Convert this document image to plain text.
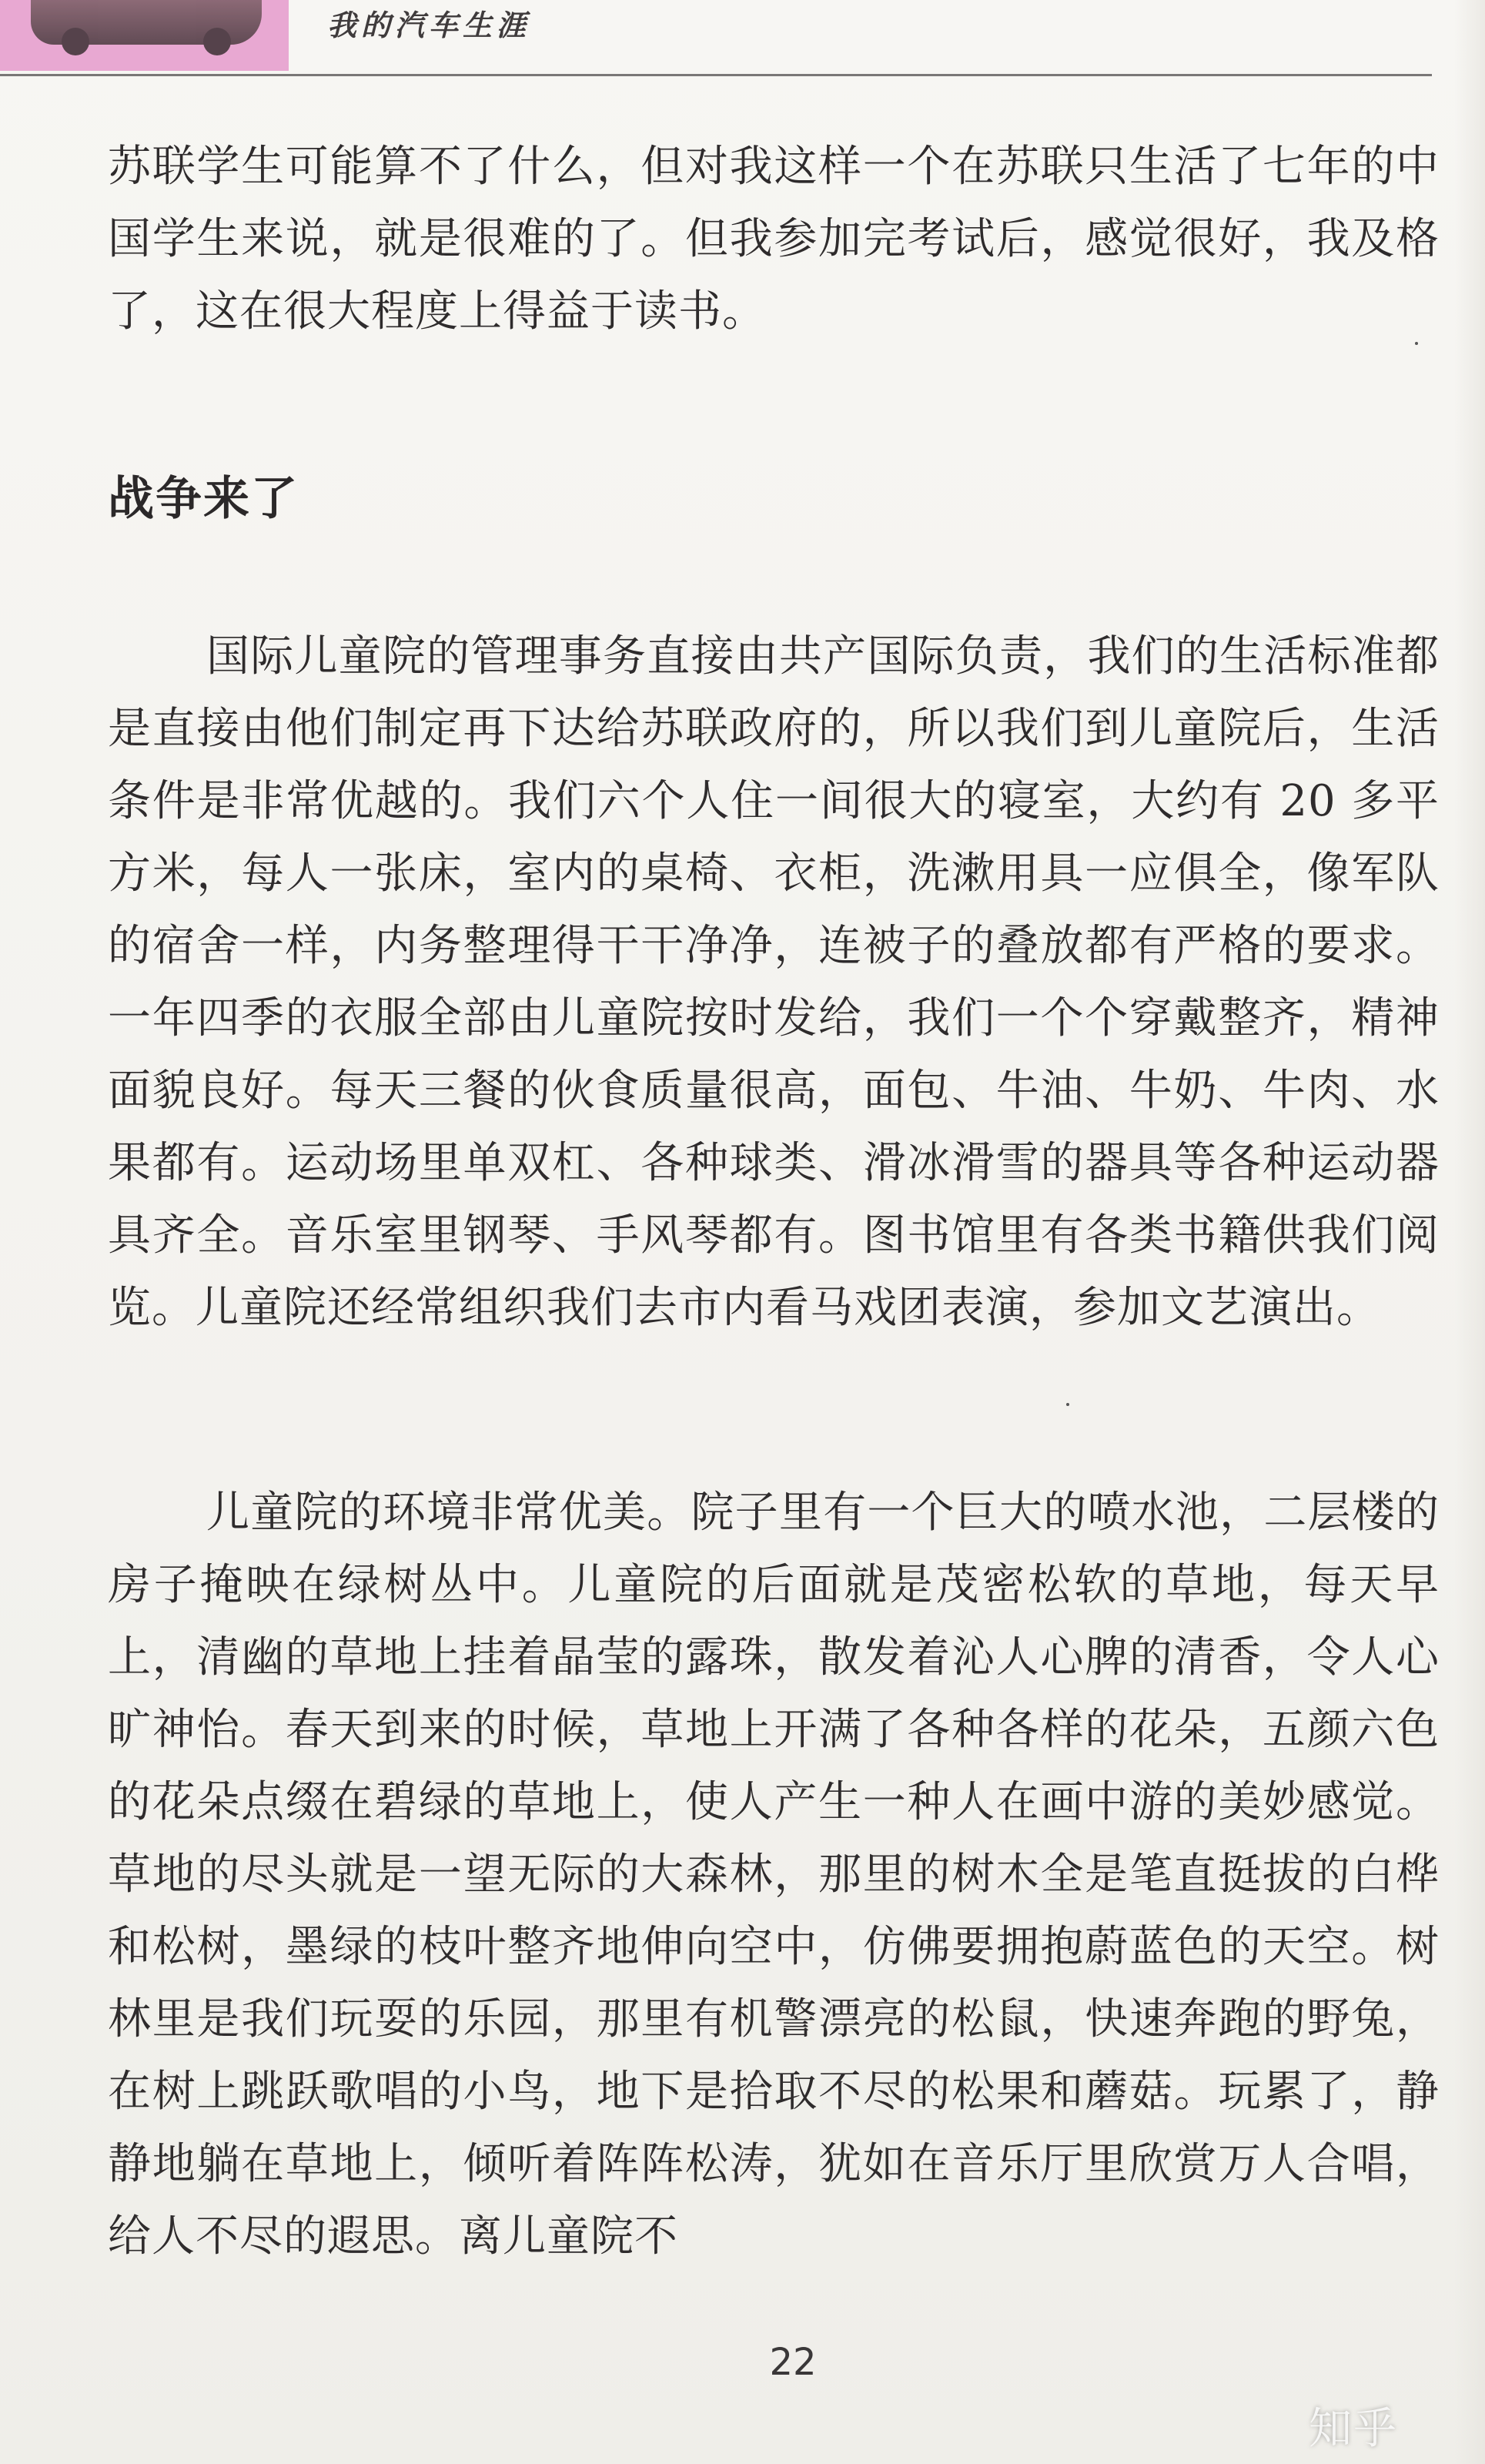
我的汽车生涯
苏联学生可能算不了什么，但对我这样一个在苏联只生活了七年的中国学生来说，就是很难的了。但我参加完考试后，感觉很好，我及格了，这在很大程度上得益于读书。
战争来了
国际儿童院的管理事务直接由共产国际负责，我们的生活标准都是直接由他们制定再下达给苏联政府的，所以我们到儿童院后，生活条件是非常优越的。我们六个人住一间很大的寝室，大约有 20 多平方米，每人一张床，室内的桌椅、衣柜，洗漱用具一应俱全，像军队的宿舍一样，内务整理得干干净净，连被子的叠放都有严格的要求。一年四季的衣服全部由儿童院按时发给，我们一个个穿戴整齐，精神面貌良好。每天三餐的伙食质量很高，面包、牛油、牛奶、牛肉、水果都有。运动场里单双杠、各种球类、滑冰滑雪的器具等各种运动器具齐全。音乐室里钢琴、手风琴都有。图书馆里有各类书籍供我们阅览。儿童院还经常组织我们去市内看马戏团表演，参加文艺演出。
儿童院的环境非常优美。院子里有一个巨大的喷水池，二层楼的房子掩映在绿树丛中。儿童院的后面就是茂密松软的草地，每天早上，清幽的草地上挂着晶莹的露珠，散发着沁人心脾的清香，令人心旷神怡。春天到来的时候，草地上开满了各种各样的花朵，五颜六色的花朵点缀在碧绿的草地上，使人产生一种人在画中游的美妙感觉。草地的尽头就是一望无际的大森林，那里的树木全是笔直挺拔的白桦和松树，墨绿的枝叶整齐地伸向空中，仿佛要拥抱蔚蓝色的天空。树林里是我们玩耍的乐园，那里有机警漂亮的松鼠，快速奔跑的野兔，在树上跳跃歌唱的小鸟，地下是拾取不尽的松果和蘑菇。玩累了，静静地躺在草地上，倾听着阵阵松涛，犹如在音乐厅里欣赏万人合唱，给人不尽的遐思。离儿童院不
22
知乎
